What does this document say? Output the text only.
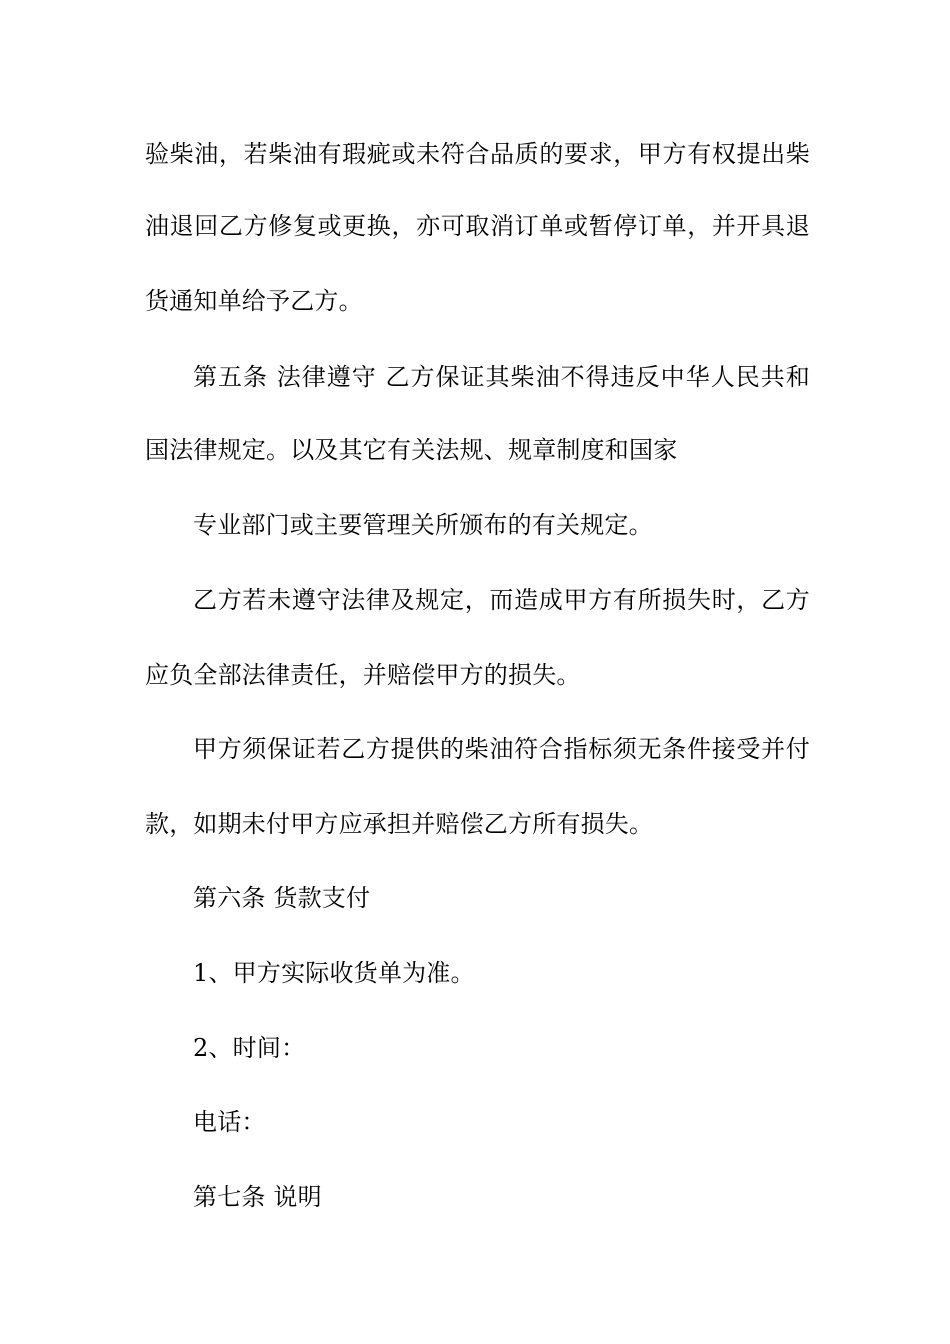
验柴油，若柴油有瑕疵或未符合品质的要求，甲方有权提出柴
油退回乙方修复或更换，亦可取消订单或暂停订单，并开具退
货通知单给予乙方。
第五条 法律遵守 乙方保证其柴油不得违反中华人民共和
国法律规定。以及其它有关法规、规章制度和国家
专业部门或主要管理关所颁布的有关规定。
乙方若未遵守法律及规定，而造成甲方有所损失时，乙方
应负全部法律责任，并赔偿甲方的损失。
甲方须保证若乙方提供的柴油符合指标须无条件接受并付
款，如期未付甲方应承担并赔偿乙方所有损失。
第六条 货款支付
1、甲方实际收货单为准。
2、时间：
电话：
第七条 说明
